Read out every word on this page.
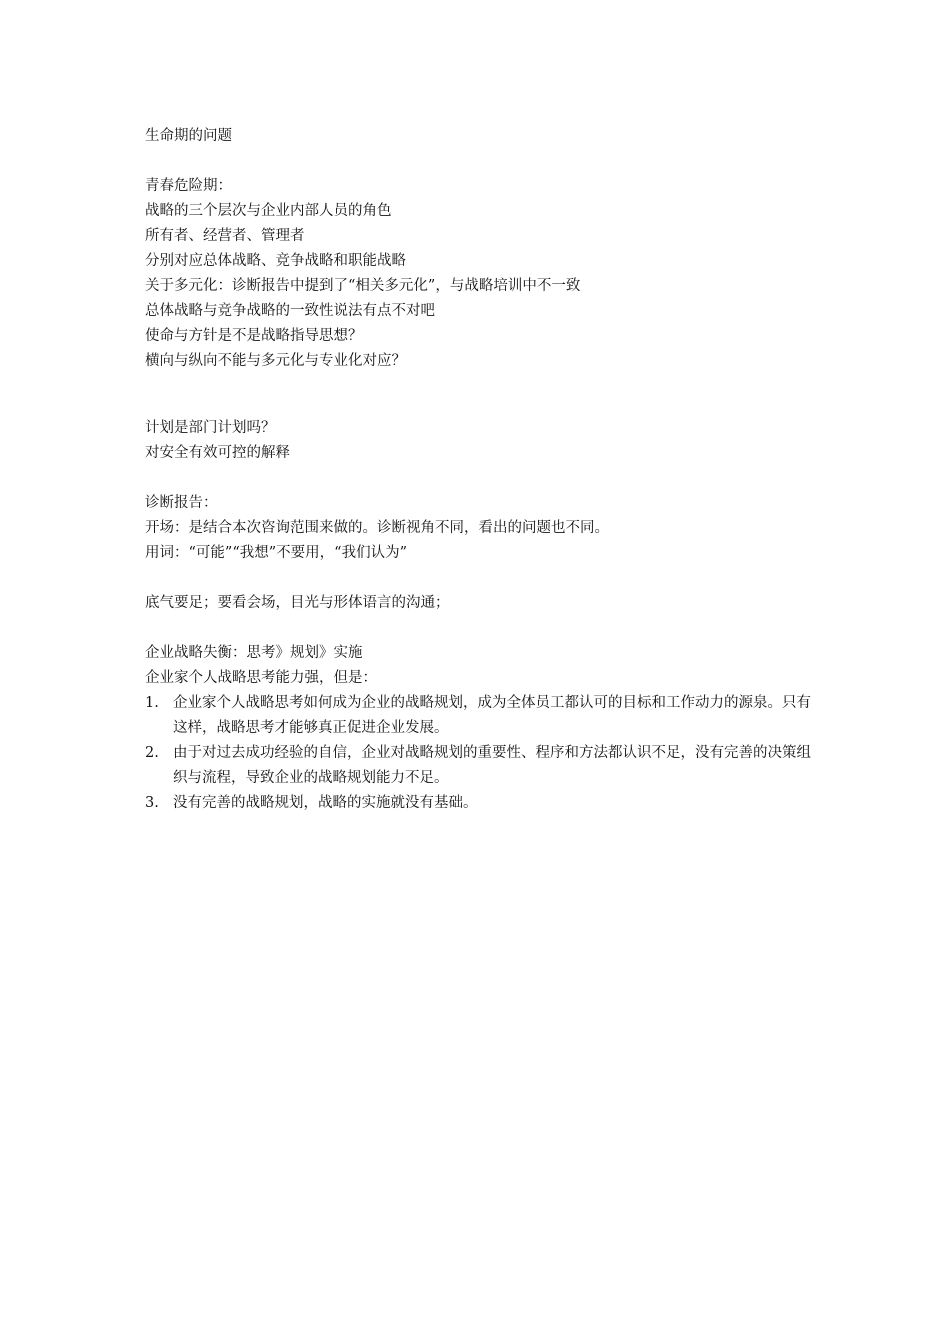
生命期的问题
青春危险期：
战略的三个层次与企业内部人员的角色
所有者、经营者、管理者
分别对应总体战略、竞争战略和职能战略
关于多元化：诊断报告中提到了“相关多元化”，与战略培训中不一致
总体战略与竞争战略的一致性说法有点不对吧
使命与方针是不是战略指导思想？
横向与纵向不能与多元化与专业化对应？
计划是部门计划吗？
对安全有效可控的解释
诊断报告：
开场：是结合本次咨询范围来做的。诊断视角不同，看出的问题也不同。
用词：“可能”“我想”不要用，“我们认为”
底气要足；要看会场，目光与形体语言的沟通；
企业战略失衡：思考》规划》实施
企业家个人战略思考能力强，但是：
1. 企业家个人战略思考如何成为企业的战略规划，成为全体员工都认可的目标和工作动力的源泉。只有这样，战略思考才能够真正促进企业发展。
2. 由于对过去成功经验的自信，企业对战略规划的重要性、程序和方法都认识不足，没有完善的决策组织与流程，导致企业的战略规划能力不足。
3. 没有完善的战略规划，战略的实施就没有基础。
